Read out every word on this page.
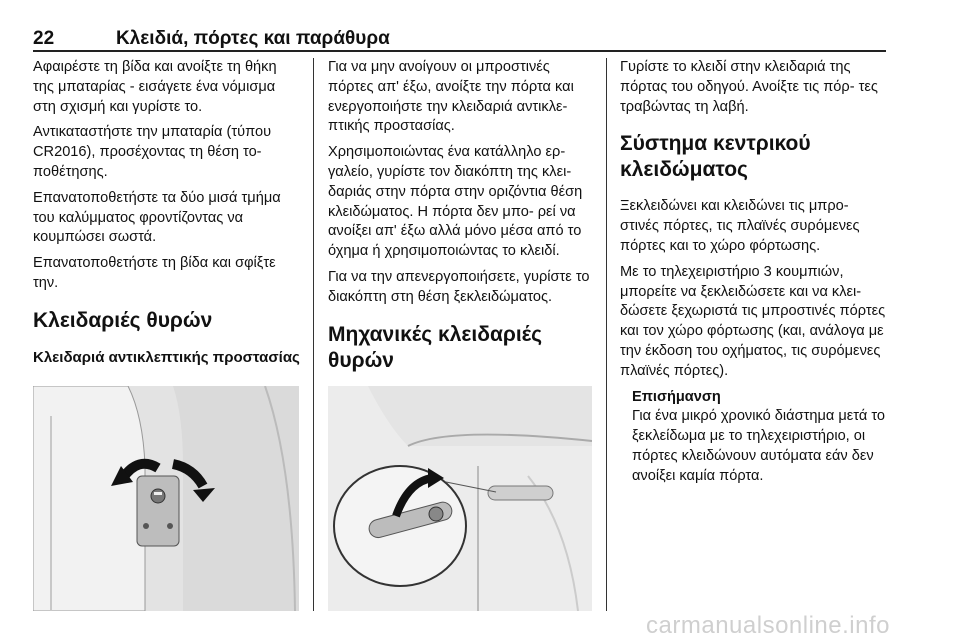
22	Κλειδιά, πόρτες και παράθυρα

Αφαιρέστε τη βίδα και ανοίξτε τη θήκη της μπαταρίας - εισάγετε ένα νόμισμα στη σχισμή και γυρίστε το.

Αντικαταστήστε την μπαταρία (τύπου CR2016), προσέχοντας τη θέση το- ποθέτησης.

Επανατοποθετήστε τα δύο μισά τμήμα του καλύμματος φροντίζοντας να κουμπώσει σωστά.

Επανατοποθετήστε τη βίδα και σφίξτε την.

Κλειδαριές θυρών
Κλειδαριά αντικλεπτικής προστασίας

Για να μην ανοίγουν οι μπροστινές πόρτες απ' έξω, ανοίξτε την πόρτα και ενεργοποιήστε την κλειδαριά αντικλε- πτικής προστασίας.

Χρησιμοποιώντας ένα κατάλληλο ερ- γαλείο, γυρίστε τον διακόπτη της κλει- δαριάς στην πόρτα στην οριζόντια θέση κλειδώματος. Η πόρτα δεν μπο- ρεί να ανοίξει απ' έξω αλλά μόνο μέσα από το όχημα ή χρησιμοποιώντας το κλειδί.

Για να την απενεργοποιήσετε, γυρίστε το διακόπτη στη θέση ξεκλειδώματος.

Μηχανικές κλειδαριές θυρών

Γυρίστε το κλειδί στην κλειδαριά της πόρτας του οδηγού. Ανοίξτε τις πόρ- τες τραβώντας τη λαβή.

Σύστημα κεντρικού κλειδώματος

Ξεκλειδώνει και κλειδώνει τις μπρο- στινές πόρτες, τις πλαϊνές συρόμενες πόρτες και το χώρο φόρτωσης.

Με το τηλεχειριστήριο 3 κουμπιών, μπορείτε να ξεκλειδώσετε και να κλει- δώσετε ξεχωριστά τις μπροστινές πόρτες και τον χώρο φόρτωσης (και, ανάλογα με την έκδοση του οχήματος, τις συρόμενες πλαϊνές πόρτες).

Επισήμανση

Για ένα μικρό χρονικό διάστημα μετά το ξεκλείδωμα με το τηλεχειριστήριο, οι πόρτες κλειδώνουν αυτόματα εάν δεν ανοίξει καμία πόρτα.

carmanualsonline.info
